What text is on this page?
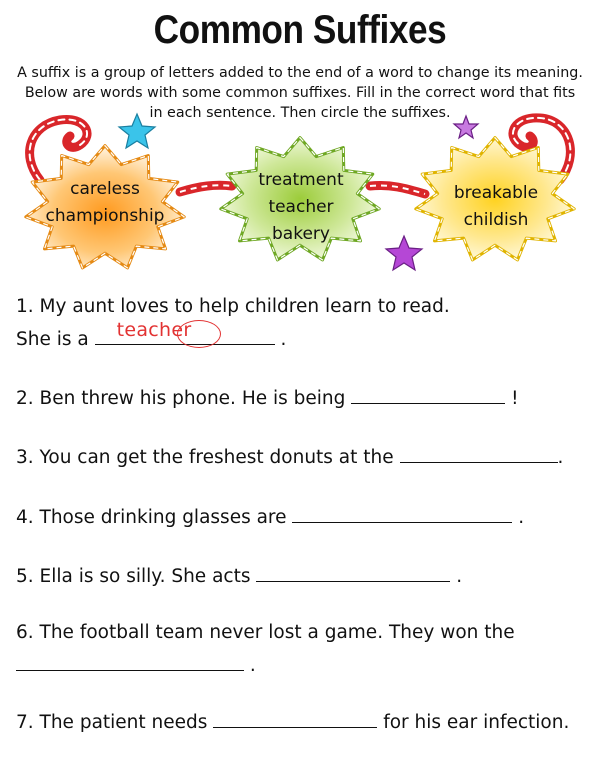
Common Suffixes
A suffix is a group of letters added to the end of a word to change its meaning.
Below are words with some common suffixes. Fill in the correct word that fits
in each sentence. Then circle the suffixes.
careless
championship
treatment
teacher
bakery
breakable
childish
1. My aunt loves to help children learn to read.
She is a teacher	.
2. Ben threw his phone. He is being	!
3. You can get the freshest donuts at the	.
4. Those drinking glasses are	.
5. Ella is so silly. She acts	.
6. The football team never lost a game. They won the
.
7. The patient needs	for his ear infection.
